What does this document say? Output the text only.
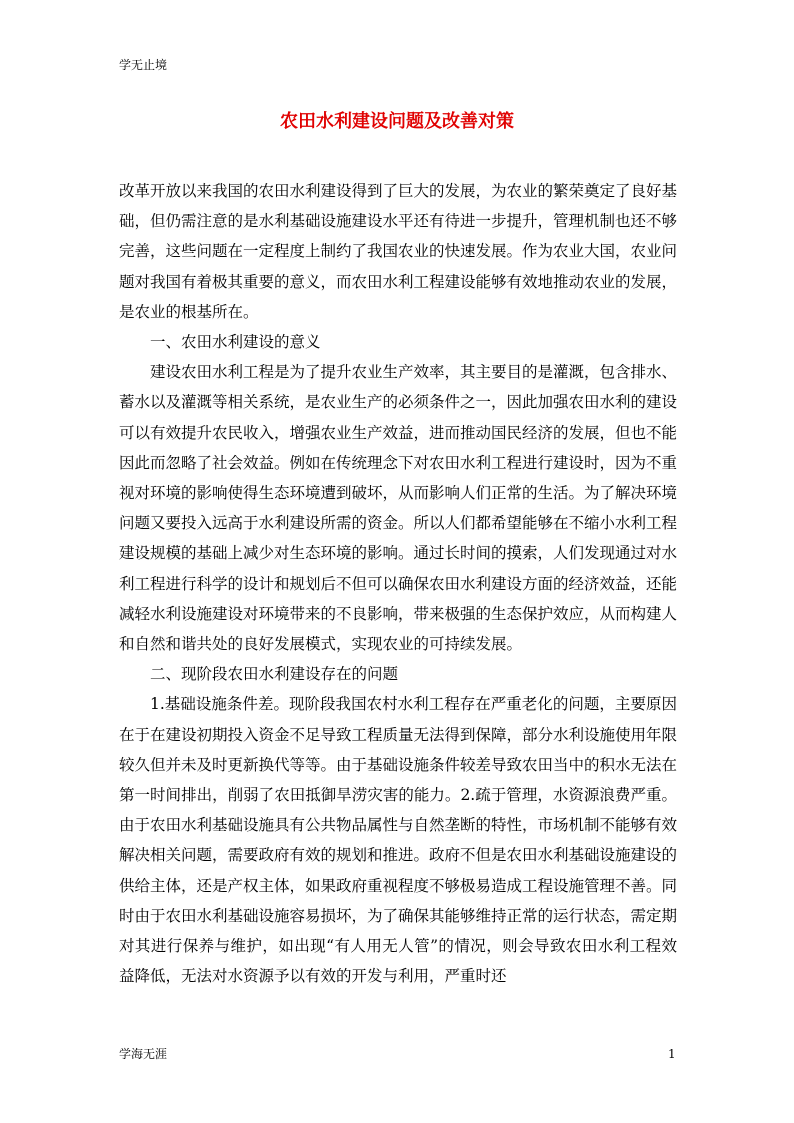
学无止境
农田水利建设问题及改善对策

改革开放以来我国的农田水利建设得到了巨大的发展，为农业的繁荣奠定了良好基础，但仍需注意的是水利基础设施建设水平还有待进一步提升，管理机制也还不够完善，这些问题在一定程度上制约了我国农业的快速发展。作为农业大国，农业问题对我国有着极其重要的意义，而农田水利工程建设能够有效地推动农业的发展，是农业的根基所在。

一、农田水利建设的意义

建设农田水利工程是为了提升农业生产效率，其主要目的是灌溉，包含排水、蓄水以及灌溉等相关系统，是农业生产的必须条件之一，因此加强农田水利的建设可以有效提升农民收入，增强农业生产效益，进而推动国民经济的发展，但也不能因此而忽略了社会效益。例如在传统理念下对农田水利工程进行建设时，因为不重视对环境的影响使得生态环境遭到破坏，从而影响人们正常的生活。为了解决环境问题又要投入远高于水利建设所需的资金。所以人们都希望能够在不缩小水利工程建设规模的基础上减少对生态环境的影响。通过长时间的摸索，人们发现通过对水利工程进行科学的设计和规划后不但可以确保农田水利建设方面的经济效益，还能减轻水利设施建设对环境带来的不良影响，带来极强的生态保护效应，从而构建人和自然和谐共处的良好发展模式，实现农业的可持续发展。

二、现阶段农田水利建设存在的问题

1.基础设施条件差。现阶段我国农村水利工程存在严重老化的问题，主要原因在于在建设初期投入资金不足导致工程质量无法得到保障，部分水利设施使用年限较久但并未及时更新换代等等。由于基础设施条件较差导致农田当中的积水无法在第一时间排出，削弱了农田抵御旱涝灾害的能力。2.疏于管理，水资源浪费严重。由于农田水利基础设施具有公共物品属性与自然垄断的特性，市场机制不能够有效解决相关问题，需要政府有效的规划和推进。政府不但是农田水利基础设施建设的供给主体，还是产权主体，如果政府重视程度不够极易造成工程设施管理不善。同时由于农田水利基础设施容易损坏，为了确保其能够维持正常的运行状态，需定期对其进行保养与维护，如出现“有人用无人管”的情况，则会导致农田水利工程效益降低，无法对水资源予以有效的开发与利用，严重时还

学海无涯	1
